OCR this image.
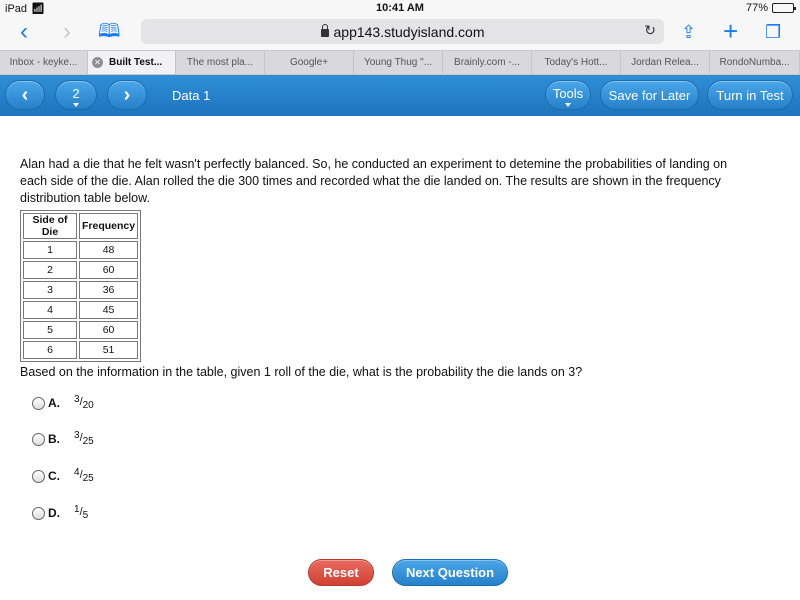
iPad 📶︎	10:41 AM	77%
‹ › 🕮︎	app143.studyisland.com	↻ ⇪ + ❐
Inbox - keyke... ✕ Built Test... The most pla...	Google+	Young Thug "... Brainly.com -... Today's Hott... Jordan Relea... RondoNumba...
‹	2 ›	Data 1	Tools Save for Later Turn in Test

Alan had a die that he felt wasn't perfectly balanced. So, he conducted an experiment to detemine the probabilities of landing on each side of the die. Alan rolled the die 300 times and recorded what the die landed on. The results are shown in the frequency distribution table below.

Side of Die	Frequency
1	48
2	60
3	36
4	45
5	60
6	51

Based on the information in the table, given 1 roll of the die, what is the probability the die lands on 3?

A.	3/20
B.	3/25
C.	4/25
D.	1/5
Reset	Next Question
